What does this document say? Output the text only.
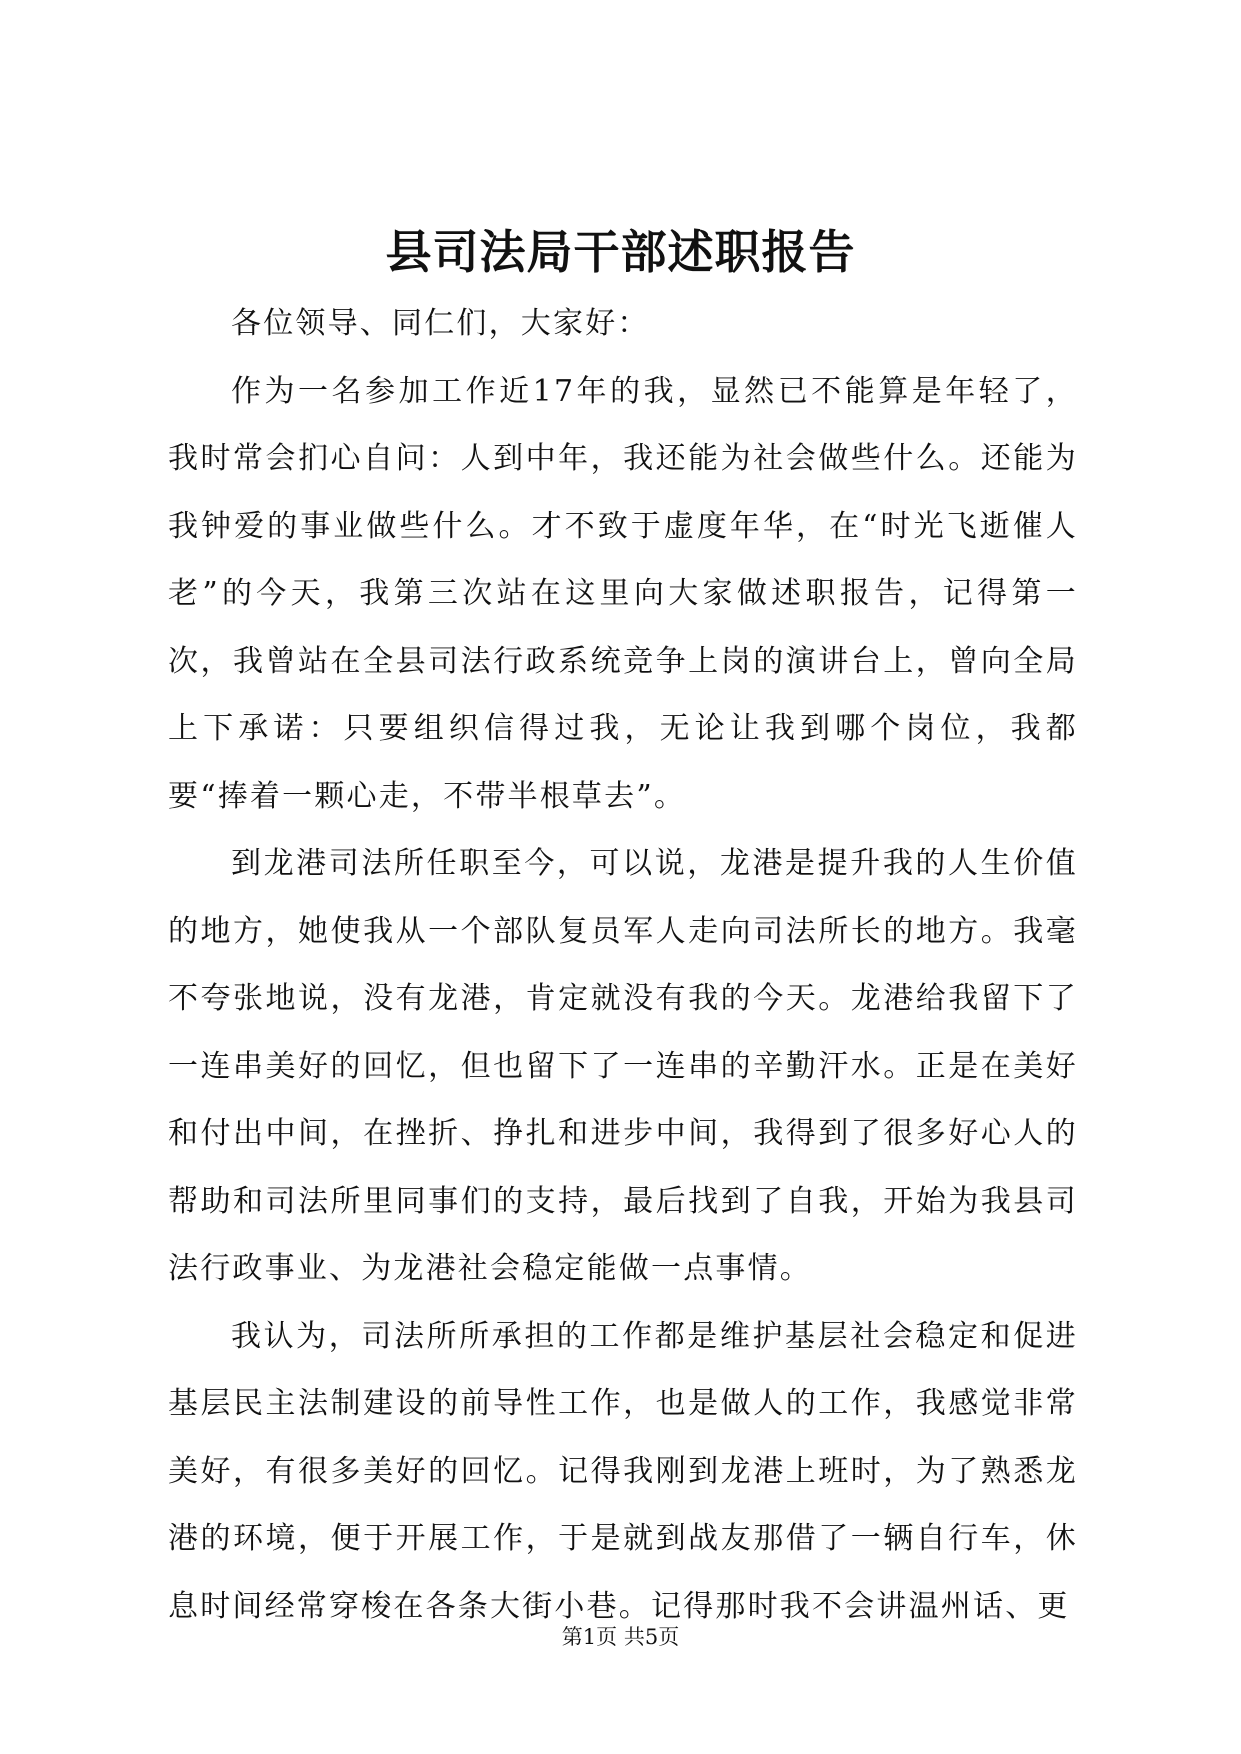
县司法局干部述职报告

各位领导、同仁们，大家好：

作为一名参加工作近17年的我，显然已不能算是年轻了，我时常会扪心自问：人到中年，我还能为社会做些什么。还能为我钟爱的事业做些什么。才不致于虚度年华，在“时光飞逝催人老”的今天，我第三次站在这里向大家做述职报告，记得第一次，我曾站在全县司法行政系统竞争上岗的演讲台上，曾向全局上下承诺：只要组织信得过我，无论让我到哪个岗位，我都要“捧着一颗心走，不带半根草去”。

到龙港司法所任职至今，可以说，龙港是提升我的人生价值的地方，她使我从一个部队复员军人走向司法所长的地方。我毫不夸张地说，没有龙港，肯定就没有我的今天。龙港给我留下了一连串美好的回忆，但也留下了一连串的辛勤汗水。正是在美好和付出中间，在挫折、挣扎和进步中间，我得到了很多好心人的帮助和司法所里同事们的支持，最后找到了自我，开始为我县司法行政事业、为龙港社会稳定能做一点事情。

我认为，司法所所承担的工作都是维护基层社会稳定和促进基层民主法制建设的前导性工作，也是做人的工作，我感觉非常美好，有很多美好的回忆。记得我刚到龙港上班时，为了熟悉龙港的环境，便于开展工作，于是就到战友那借了一辆自行车，休息时间经常穿梭在各条大街小巷。记得那时我不会讲温州话、更

第1页 共5页
